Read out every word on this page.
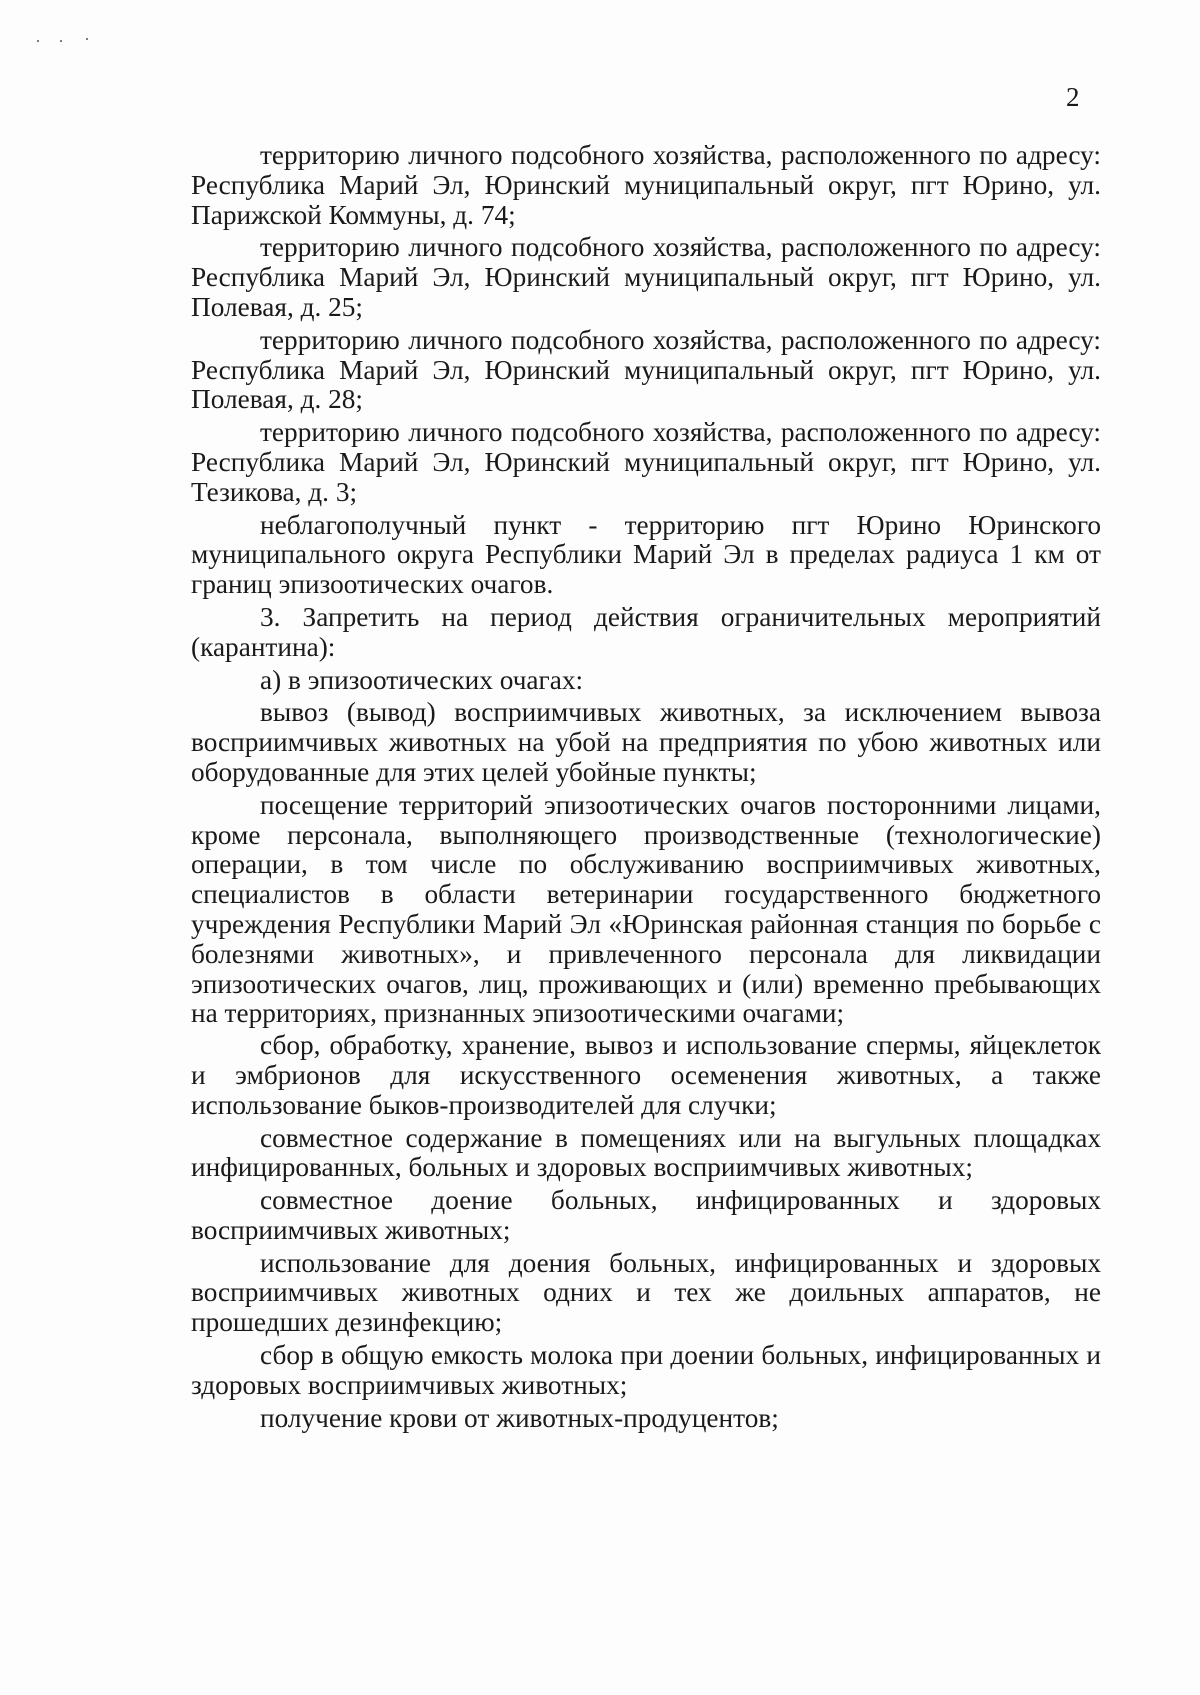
2

территорию личного подсобного хозяйства, расположенного по адресу: Республика Марий Эл, Юринский муниципальный округ, пгт Юрино, ул. Парижской Коммуны, д. 74;

территорию личного подсобного хозяйства, расположенного по адресу: Республика Марий Эл, Юринский муниципальный округ, пгт Юрино, ул. Полевая, д. 25;

территорию личного подсобного хозяйства, расположенного по адресу: Республика Марий Эл, Юринский муниципальный округ, пгт Юрино, ул. Полевая, д. 28;

территорию личного подсобного хозяйства, расположенного по адресу: Республика Марий Эл, Юринский муниципальный округ, пгт Юрино, ул. Тезикова, д. 3;

неблагополучный пункт - территорию пгт Юрино Юринского муниципального округа Республики Марий Эл в пределах радиуса 1 км от границ эпизоотических очагов.

3. Запретить на период действия ограничительных мероприятий (карантина):

а) в эпизоотических очагах:

вывоз (вывод) восприимчивых животных, за исключением вывоза восприимчивых животных на убой на предприятия по убою животных или оборудованные для этих целей убойные пункты;

посещение территорий эпизоотических очагов посторонними лицами, кроме персонала, выполняющего производственные (технологические) операции, в том числе по обслуживанию восприимчивых животных, специалистов в области ветеринарии государственного бюджетного учреждения Республики Марий Эл «Юринская районная станция по борьбе с болезнями животных», и привлеченного персонала для ликвидации эпизоотических очагов, лиц, проживающих и (или) временно пребывающих на территориях, признанных эпизоотическими очагами;

сбор, обработку, хранение, вывоз и использование спермы, яйцеклеток и эмбрионов для искусственного осеменения животных, а также использование быков-производителей для случки;

совместное содержание в помещениях или на выгульных площадках инфицированных, больных и здоровых восприимчивых животных;

совместное доение больных, инфицированных и здоровых восприимчивых животных;

использование для доения больных, инфицированных и здоровых восприимчивых животных одних и тех же доильных аппаратов, не прошедших дезинфекцию;

сбор в общую емкость молока при доении больных, инфицированных и здоровых восприимчивых животных;

получение крови от животных-продуцентов;
